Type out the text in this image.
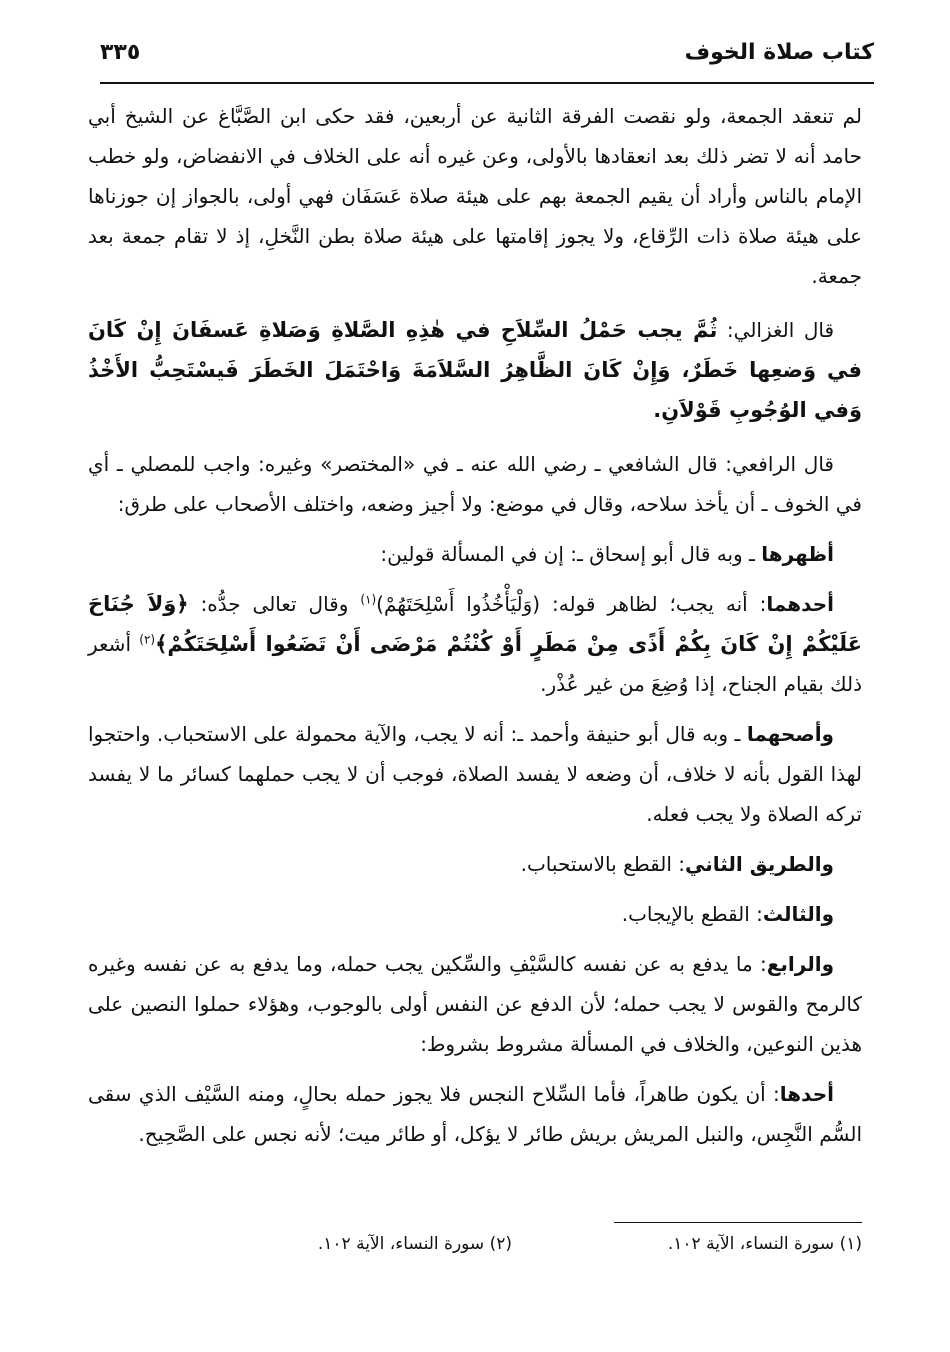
كتاب صلاة الخوف
٣٣٥

لم تنعقد الجمعة، ولو نقصت الفرقة الثانية عن أربعين، فقد حكى ابن الصَّبَّاغ عن الشيخ أبي حامد أنه لا تضر ذلك بعد انعقادها بالأولى، وعن غيره أنه على الخلاف في الانفضاض، ولو خطب الإمام بالناس وأراد أن يقيم الجمعة بهم على هيئة صلاة عَسَفَان فهي أولى، بالجواز إن جوزناها على هيئة صلاة ذات الرِّقاع، ولا يجوز إقامتها على هيئة صلاة بطن النَّخلِ، إذ لا تقام جمعة بعد جمعة.

قال الغزالي: ثُمَّ يجب حَمْلُ السِّلاَحِ في هٰذِهِ الصَّلاةِ وَصَلاةِ عَسفَانَ إِنْ كَانَ في وَضعِها خَطَرٌ، وَإِنْ كَانَ الظَّاهِرُ السَّلاَمَةَ وَاحْتَمَلَ الخَطَرَ فَيسْتَحِبُّ الأَخْذُ وَفي الوُجُوبِ قَوْلاَنِ.

قال الرافعي: قال الشافعي ـ رضي الله عنه ـ في «المختصر» وغيره: واجب للمصلي ـ أي في الخوف ـ أن يأخذ سلاحه، وقال في موضع: ولا أجيز وضعه، واختلف الأصحاب على طرق:

أظهرها ـ وبه قال أبو إسحاق ـ: إن في المسألة قولين:

أحدهما: أنه يجب؛ لظاهر قوله: (وَلْيَأْخُذُوا أَسْلِحَتَهُمْ)$^{(١)}$ وقال تعالى جدُّه: ﴿وَلاَ جُنَاحَ عَلَيْكُمْ إِنْ كَانَ بِكُمْ أَذًى مِنْ مَطَرٍ أَوْ كُنْتُمْ مَرْضَى أَنْ تَضَعُوا أَسْلِحَتَكُمْ﴾$^{(٢)}$ أشعر ذلك بقيام الجناح، إذا وُضِعَ من غير عُذْر.

وأصحهما ـ وبه قال أبو حنيفة وأحمد ـ: أنه لا يجب، والآية محمولة على الاستحباب. واحتجوا لهذا القول بأنه لا خلاف، أن وضعه لا يفسد الصلاة، فوجب أن لا يجب حملهما كسائر ما لا يفسد تركه الصلاة ولا يجب فعله.

والطريق الثاني: القطع بالاستحباب.

والثالث: القطع بالإيجاب.

والرابع: ما يدفع به عن نفسه كالسَّيْفِ والسِّكين يجب حمله، وما يدفع به عن نفسه وغيره كالرمح والقوس لا يجب حمله؛ لأن الدفع عن النفس أولى بالوجوب، وهؤلاء حملوا النصين على هذين النوعين، والخلاف في المسألة مشروط بشروط:

أحدها: أن يكون طاهراً، فأما السِّلاح النجس فلا يجوز حمله بحالٍ، ومنه السَّيْف الذي سقى السُّم النَّجِس، والنبل المريش بريش طائر لا يؤكل، أو طائر ميت؛ لأنه نجس على الصَّحِيح.

(١) سورة النساء، الآية ١٠٢.
(٢) سورة النساء، الآية ١٠٢.
